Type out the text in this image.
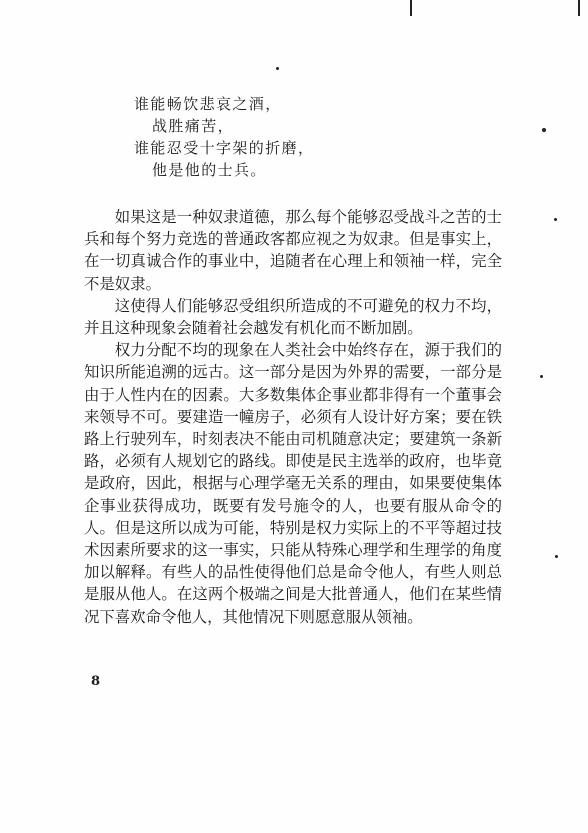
谁能畅饮悲哀之酒，
战胜痛苦，
谁能忍受十字架的折磨，
他是他的士兵。

如果这是一种奴隶道德，那么每个能够忍受战斗之苦的士兵和每个努力竞选的普通政客都应视之为奴隶。但是事实上，在一切真诚合作的事业中，追随者在心理上和领袖一样，完全不是奴隶。

这使得人们能够忍受组织所造成的不可避免的权力不均，并且这种现象会随着社会越发有机化而不断加剧。

权力分配不均的现象在人类社会中始终存在，源于我们的知识所能追溯的远古。这一部分是因为外界的需要，一部分是由于人性内在的因素。大多数集体企事业都非得有一个董事会来领导不可。要建造一幢房子，必须有人设计好方案；要在铁路上行驶列车，时刻表决不能由司机随意决定；要建筑一条新路，必须有人规划它的路线。即使是民主选举的政府，也毕竟是政府，因此，根据与心理学毫无关系的理由，如果要使集体企事业获得成功，既要有发号施令的人，也要有服从命令的人。但是这所以成为可能，特别是权力实际上的不平等超过技术因素所要求的这一事实，只能从特殊心理学和生理学的角度加以解释。有些人的品性使得他们总是命令他人，有些人则总是服从他人。在这两个极端之间是大批普通人，他们在某些情况下喜欢命令他人，其他情况下则愿意服从领袖。

8
